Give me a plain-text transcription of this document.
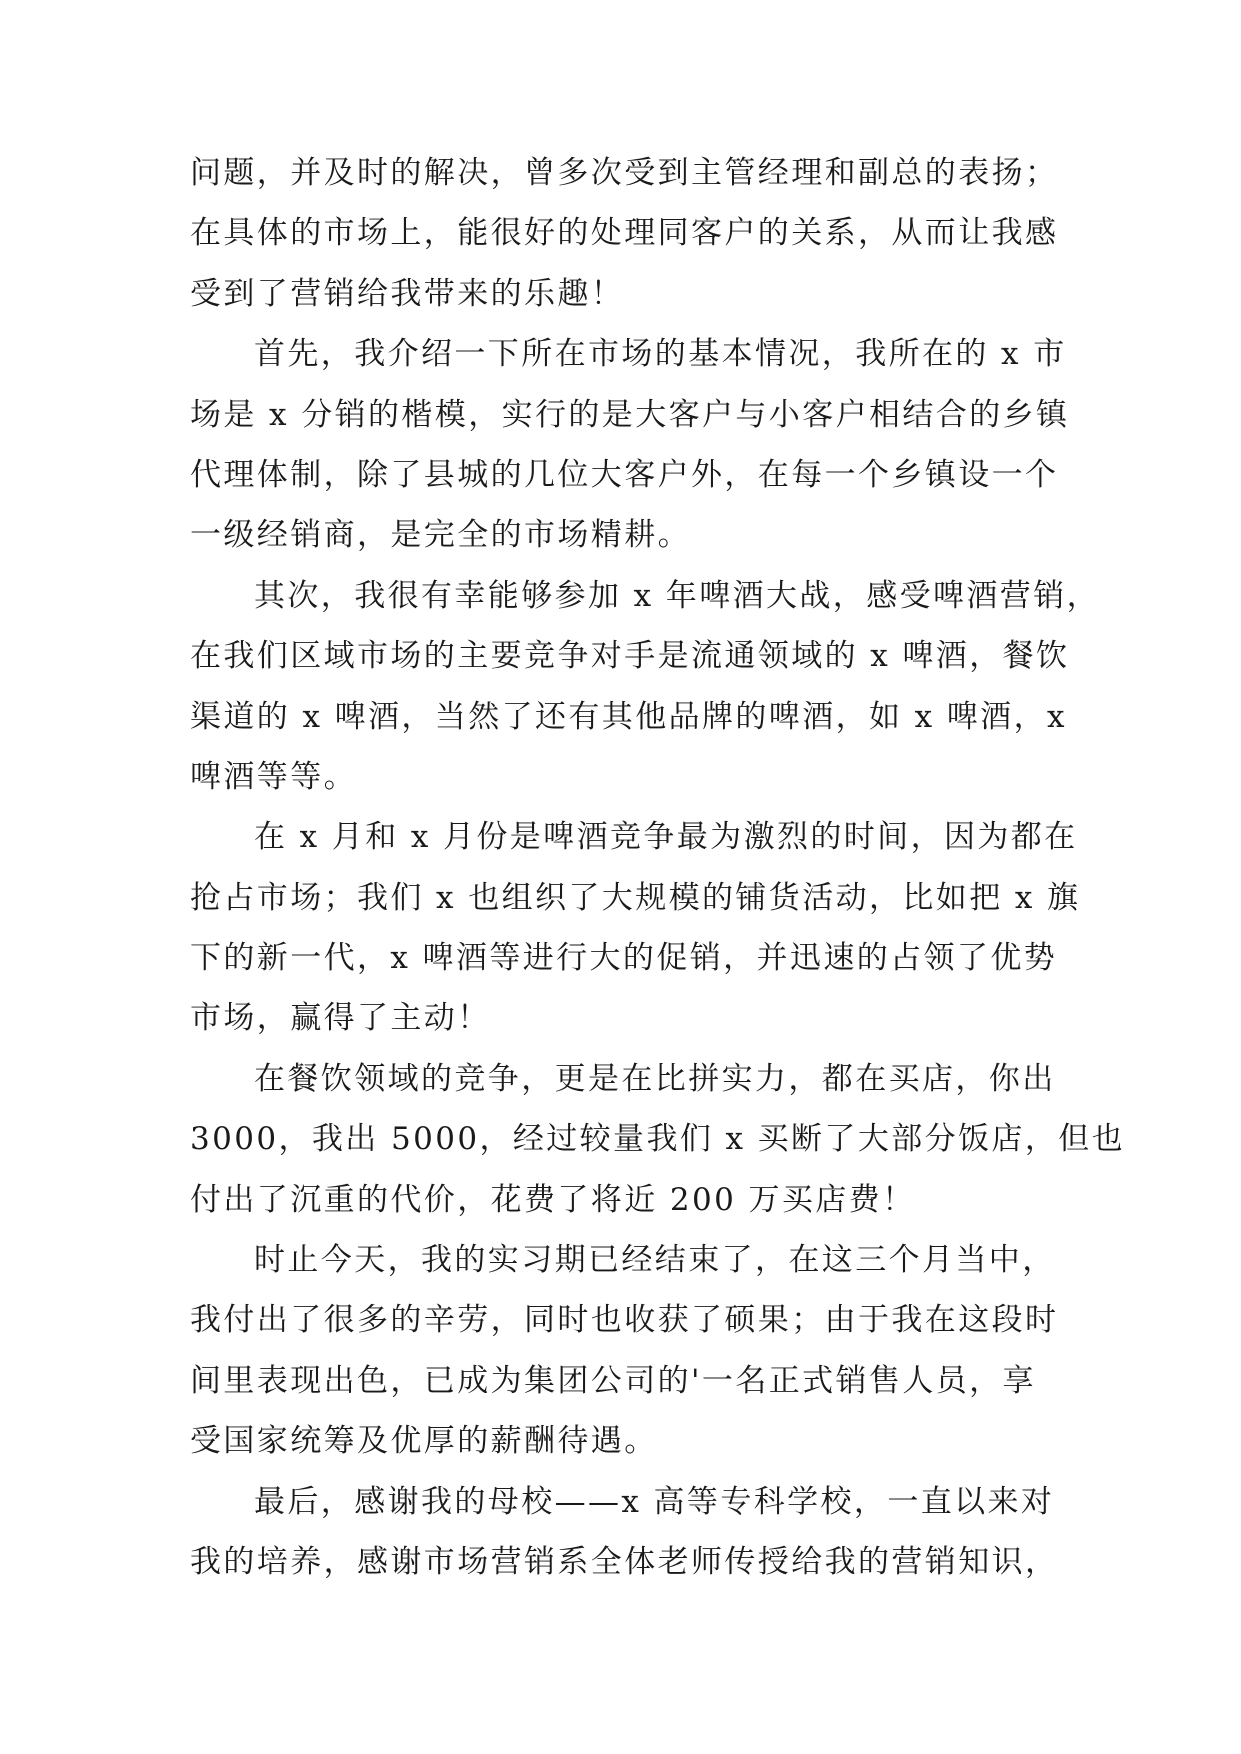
问题，并及时的解决，曾多次受到主管经理和副总的表扬；
在具体的市场上，能很好的处理同客户的关系，从而让我感
受到了营销给我带来的乐趣！
首先，我介绍一下所在市场的基本情况，我所在的 x 市
场是 x 分销的楷模，实行的是大客户与小客户相结合的乡镇
代理体制，除了县城的几位大客户外，在每一个乡镇设一个
一级经销商，是完全的市场精耕。
其次，我很有幸能够参加 x 年啤酒大战，感受啤酒营销，
在我们区域市场的主要竞争对手是流通领域的 x 啤酒，餐饮
渠道的 x 啤酒，当然了还有其他品牌的啤酒，如 x 啤酒，x
啤酒等等。
在 x 月和 x 月份是啤酒竞争最为激烈的时间，因为都在
抢占市场；我们 x 也组织了大规模的铺货活动，比如把 x 旗
下的新一代，x 啤酒等进行大的促销，并迅速的占领了优势
市场，赢得了主动！
在餐饮领域的竞争，更是在比拼实力，都在买店，你出
3000，我出 5000，经过较量我们 x 买断了大部分饭店，但也
付出了沉重的代价，花费了将近 200 万买店费！
时止今天，我的实习期已经结束了，在这三个月当中，
我付出了很多的辛劳，同时也收获了硕果；由于我在这段时
间里表现出色，已成为集团公司的'一名正式销售人员，享
受国家统筹及优厚的薪酬待遇。
最后，感谢我的母校——x 高等专科学校，一直以来对
我的培养，感谢市场营销系全体老师传授给我的营销知识，
